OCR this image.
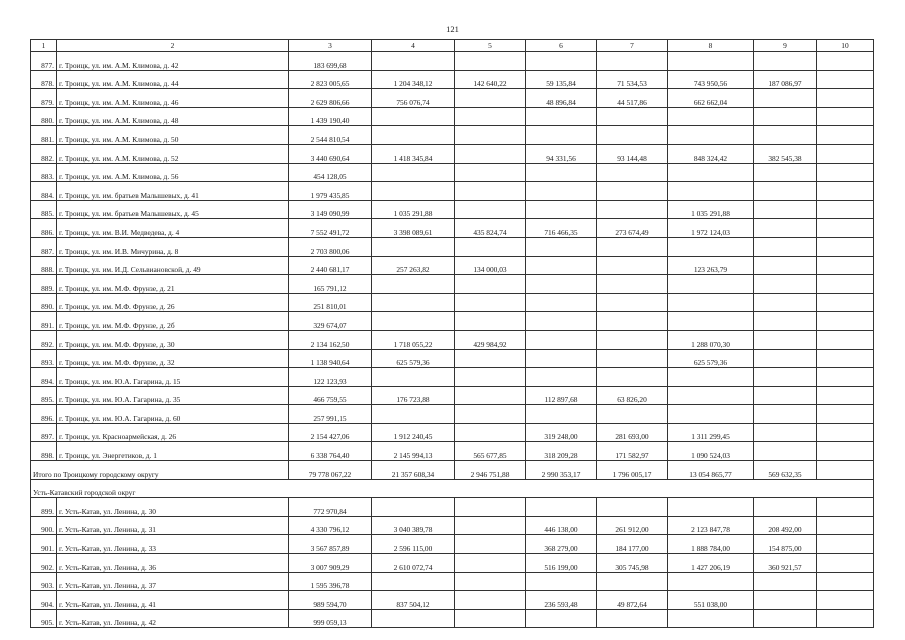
121
1	2	3	4	5	6	7	8	9	10
877.	г. Троицк, ул. им. А.М. Климова, д. 42	183 699,68							
878.	г. Троицк, ул. им. А.М. Климова, д. 44	2 823 005,65	1 204 348,12	142 640,22	59 135,84	71 534,53	743 950,56	187 086,97	
879.	г. Троицк, ул. им. А.М. Климова, д. 46	2 629 806,66	756 076,74		48 896,84	44 517,86	662 662,04		
880.	г. Троицк, ул. им. А.М. Климова, д. 48	1 439 190,40							
881.	г. Троицк, ул. им. А.М. Климова, д. 50	2 544 810,54							
882.	г. Троицк, ул. им. А.М. Климова, д. 52	3 440 690,64	1 418 345,84		94 331,56	93 144,48	848 324,42	382 545,38	
883.	г. Троицк, ул. им. А.М. Климова, д. 56	454 128,05							
884.	г. Троицк, ул. им. братьев Малышевых, д. 41	1 979 435,85							
885.	г. Троицк, ул. им. братьев Малышевых, д. 45	3 149 090,99	1 035 291,88				1 035 291,88		
886.	г. Троицк, ул. им. В.И. Медведева, д. 4	7 552 491,72	3 398 089,61	435 824,74	716 466,35	273 674,49	1 972 124,03		
887.	г. Троицк, ул. им. И.В. Мичурина, д. 8	2 703 800,06							
888.	г. Троицк, ул. им. И.Д. Сельвиановской, д. 49	2 440 681,17	257 263,82	134 000,03			123 263,79		
889.	г. Троицк, ул. им. М.Ф. Фрунзе, д. 21	165 791,12							
890.	г. Троицк, ул. им. М.Ф. Фрунзе, д. 26	251 810,01							
891.	г. Троицк, ул. им. М.Ф. Фрунзе, д. 2б	329 674,07							
892.	г. Троицк, ул. им. М.Ф. Фрунзе, д. 30	2 134 162,50	1 718 055,22	429 984,92			1 288 070,30		
893.	г. Троицк, ул. им. М.Ф. Фрунзе, д. 32	1 138 940,64	625 579,36				625 579,36		
894.	г. Троицк, ул. им. Ю.А. Гагарина, д. 15	122 123,93							
895.	г. Троицк, ул. им. Ю.А. Гагарина, д. 35	466 759,55	176 723,88		112 897,68	63 826,20			
896.	г. Троицк, ул. им. Ю.А. Гагарина, д. 60	257 991,15							
897.	г. Троицк, ул. Красноармейская, д. 26	2 154 427,06	1 912 240,45		319 248,00	281 693,00	1 311 299,45		
898.	г. Троицк, ул. Энергетиков, д. 1	6 338 764,40	2 145 994,13	565 677,85	318 209,28	171 582,97	1 090 524,03		
Итого по Троицкому городскому округу		79 778 067,22	21 357 608,34	2 946 751,88	2 990 353,17	1 796 005,17	13 054 865,77	569 632,35	
Усть-Катавский городской округ									
899.	г. Усть-Катав, ул. Ленина, д. 30	772 970,84							
900.	г. Усть-Катав, ул. Ленина, д. 31	4 330 796,12	3 040 389,78		446 138,00	261 912,00	2 123 847,78	208 492,00	
901.	г. Усть-Катав, ул. Ленина, д. 33	3 567 857,89	2 596 115,00		368 279,00	184 177,00	1 888 784,00	154 875,00	
902.	г. Усть-Катав, ул. Ленина, д. 36	3 007 909,29	2 610 072,74		516 199,00	305 745,98	1 427 206,19	360 921,57	
903.	г. Усть-Катав, ул. Ленина, д. 37	1 595 396,78							
904.	г. Усть-Катав, ул. Ленина, д. 41	989 594,70	837 504,12		236 593,48	49 872,64	551 038,00		
905.	г. Усть-Катав, ул. Ленина, д. 42	999 059,13							
